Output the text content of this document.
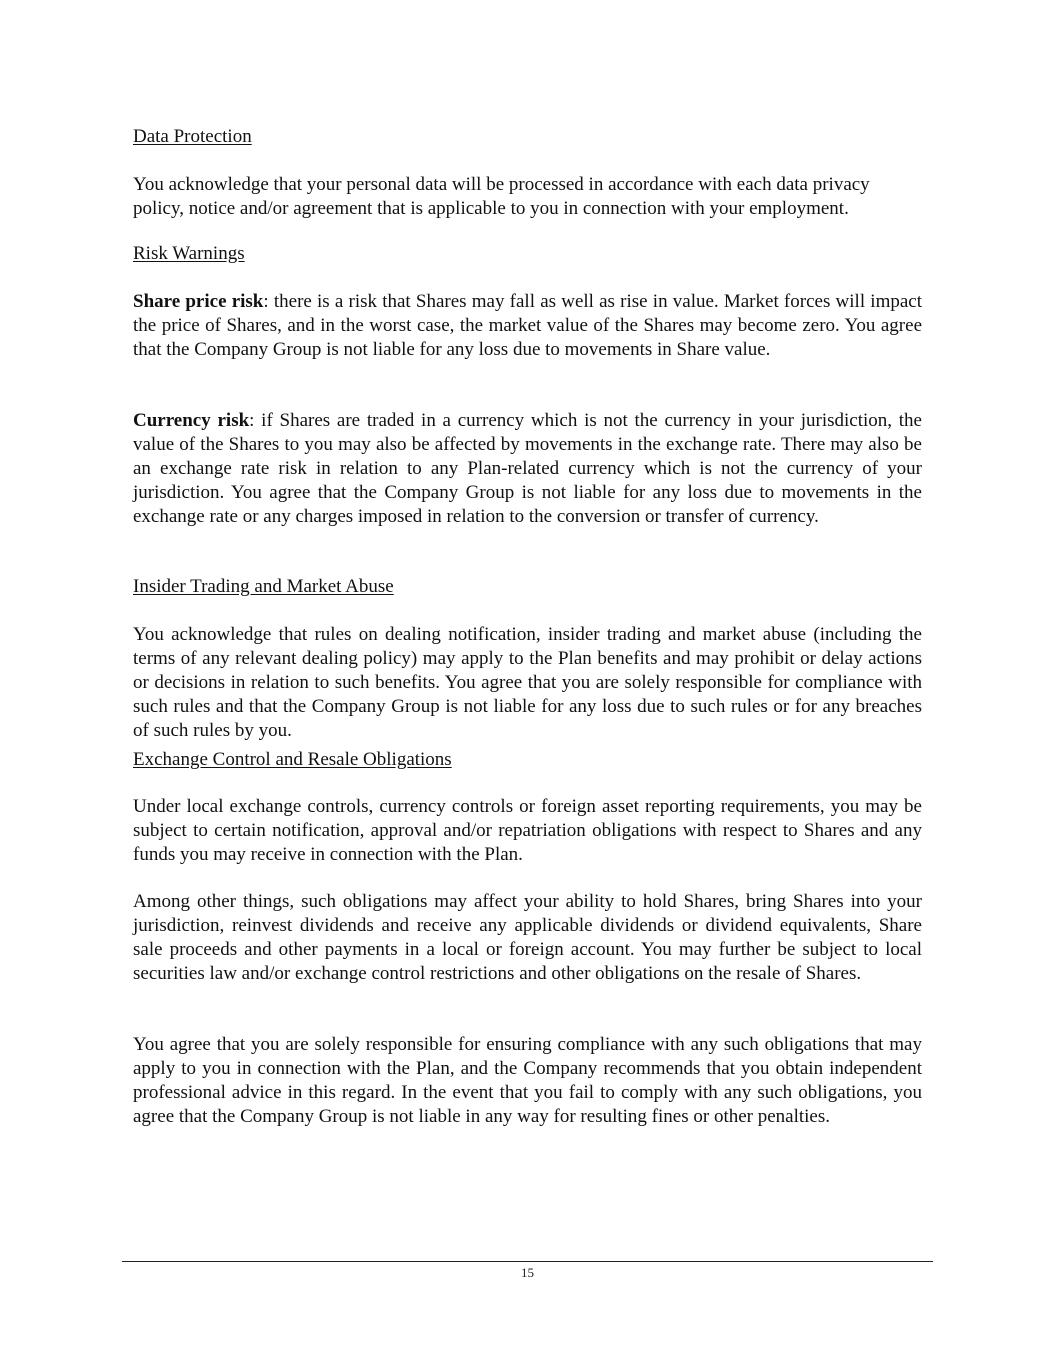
Data Protection

You acknowledge that your personal data will be processed in accordance with each data privacy policy, notice and/or agreement that is applicable to you in connection with your employment.

Risk Warnings

Share price risk: there is a risk that Shares may fall as well as rise in value. Market forces will impact the price of Shares, and in the worst case, the market value of the Shares may become zero. You agree that the Company Group is not liable for any loss due to movements in Share value.

Currency risk: if Shares are traded in a currency which is not the currency in your jurisdiction, the value of the Shares to you may also be affected by movements in the exchange rate. There may also be an exchange rate risk in relation to any Plan-related currency which is not the currency of your jurisdiction. You agree that the Company Group is not liable for any loss due to movements in the exchange rate or any charges imposed in relation to the conversion or transfer of currency.

Insider Trading and Market Abuse

You acknowledge that rules on dealing notification, insider trading and market abuse (including the terms of any relevant dealing policy) may apply to the Plan benefits and may prohibit or delay actions or decisions in relation to such benefits. You agree that you are solely responsible for compliance with such rules and that the Company Group is not liable for any loss due to such rules or for any breaches of such rules by you.

Exchange Control and Resale Obligations

Under local exchange controls, currency controls or foreign asset reporting requirements, you may be subject to certain notification, approval and/or repatriation obligations with respect to Shares and any funds you may receive in connection with the Plan.

Among other things, such obligations may affect your ability to hold Shares, bring Shares into your jurisdiction, reinvest dividends and receive any applicable dividends or dividend equivalents, Share sale proceeds and other payments in a local or foreign account. You may further be subject to local securities law and/or exchange control restrictions and other obligations on the resale of Shares.

You agree that you are solely responsible for ensuring compliance with any such obligations that may apply to you in connection with the Plan, and the Company recommends that you obtain independent professional advice in this regard. In the event that you fail to comply with any such obligations, you agree that the Company Group is not liable in any way for resulting fines or other penalties.

15
